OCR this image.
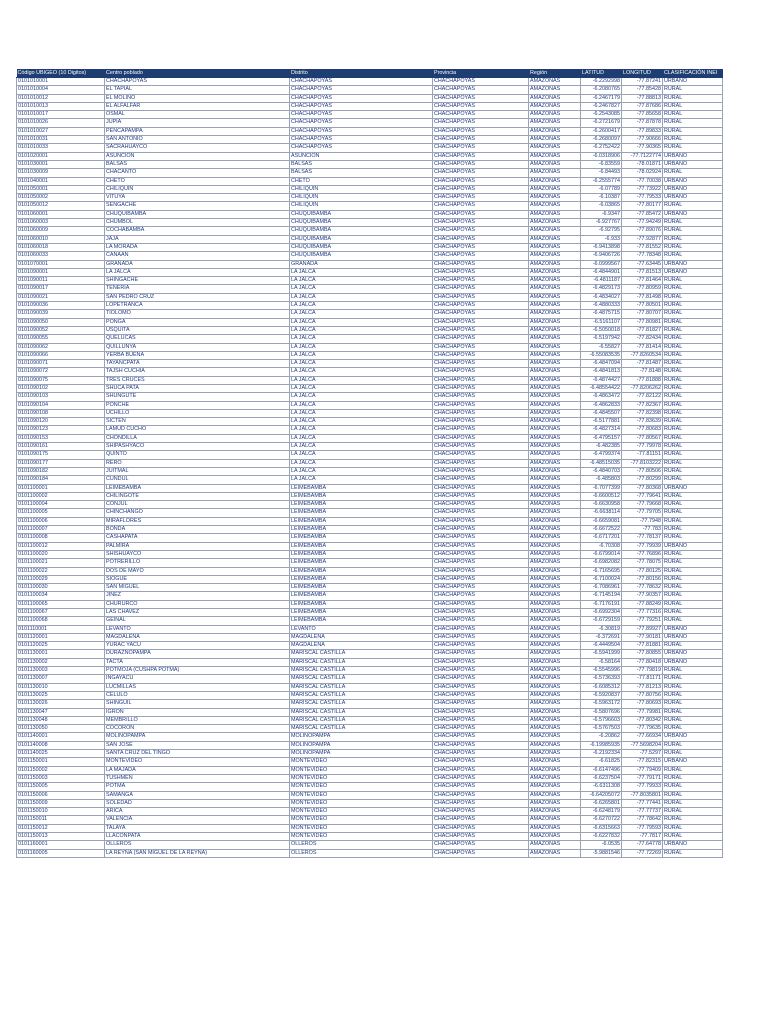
Código UBIGEO (10 Digitos)	Centro poblado	Distrito	Provincia	Región	LATITUD	LONGITUD	CLASIFICACIÓN INEI
0101010001	CHACHAPOYAS	CHACHAPOYAS	CHACHAPOYAS	AMAZONAS	-6.2292998	-77.87241	URBANO
0101010004	EL TAPIAL	CHACHAPOYAS	CHACHAPOYAS	AMAZONAS	-6.2080765	-77.85428	RURAL
0101010012	EL MOLINO	CHACHAPOYAS	CHACHAPOYAS	AMAZONAS	-6.2467179	-77.88813	RURAL
0101010013	EL ALFALFAR	CHACHAPOYAS	CHACHAPOYAS	AMAZONAS	-6.2467827	-77.87686	RURAL
0101010017	OSMAL	CHACHAPOYAS	CHACHAPOYAS	AMAZONAS	-6.2543085	-77.85658	RURAL
0101010026	JUPIA	CHACHAPOYAS	CHACHAPOYAS	AMAZONAS	-6.2721679	-77.87878	RURAL
0101010027	PENCAPAMPA	CHACHAPOYAS	CHACHAPOYAS	AMAZONAS	-6.2600417	-77.89833	RURAL
0101010031	SAN ANTONIO	CHACHAPOYAS	CHACHAPOYAS	AMAZONAS	-6.2680097	-77.90666	RURAL
0101010033	SACRAHUAYCO	CHACHAPOYAS	CHACHAPOYAS	AMAZONAS	-6.2752422	-77.90365	RURAL
0101020001	ASUNCION	ASUNCION	CHACHAPOYAS	AMAZONAS	-6.0318906	-77.7122774	URBANO
0101030001	BALSAS	BALSAS	CHACHAPOYAS	AMAZONAS	-6.83559	-78.01871	URBANO
0101030009	CHACANTO	BALSAS	CHACHAPOYAS	AMAZONAS	-6.84493	-78.02924	RURAL
0101040001	CHETO	CHETO	CHACHAPOYAS	AMAZONAS	-6.2555774	-77.70038	URBANO
0101050001	CHILIQUIN	CHILIQUIN	CHACHAPOYAS	AMAZONAS	-6.07789	-77.73922	URBANO
0101050002	VITUYA	CHILIQUIN	CHACHAPOYAS	AMAZONAS	-6.10387	-77.79533	URBANO
0101050012	SENGACHE	CHILIQUIN	CHACHAPOYAS	AMAZONAS	-6.03865	-77.80177	RURAL
0101060001	CHUQUIBAMBA	CHUQUIBAMBA	CHACHAPOYAS	AMAZONAS	-6.9347	-77.85472	URBANO
0101060003	CHUMBOL	CHUQUIBAMBA	CHACHAPOYAS	AMAZONAS	-6.927767	-77.94249	RURAL
0101060009	COCHABAMBA	CHUQUIBAMBA	CHACHAPOYAS	AMAZONAS	-6.92795	-77.89076	RURAL
0101060010	JAJA	CHUQUIBAMBA	CHACHAPOYAS	AMAZONAS	-6.933	-77.92877	RURAL
0101060018	LA MORADA	CHUQUIBAMBA	CHACHAPOYAS	AMAZONAS	-6.9413898	-77.81552	RURAL
0101060033	CANAAN	CHUQUIBAMBA	CHACHAPOYAS	AMAZONAS	-6.9406726	-77.78348	RURAL
0101070001	GRANADA	GRANADA	CHACHAPOYAS	AMAZONAS	-6.0999567	-77.63445	URBANO
0101090001	LA JALCA	LA JALCA	CHACHAPOYAS	AMAZONAS	-6.4844901	-77.81513	URBANO
0101090011	SHINGACHE	LA JALCA	CHACHAPOYAS	AMAZONAS	-6.4811187	-77.81464	RURAL
0101090017	TENERIA	LA JALCA	CHACHAPOYAS	AMAZONAS	-6.4829173	-77.80959	RURAL
0101090021	SAN PEDRO CRUZ	LA JALCA	CHACHAPOYAS	AMAZONAS	-6.4834027	-77.81498	RURAL
0101090036	LOPETRANCA	LA JALCA	CHACHAPOYAS	AMAZONAS	-6.4880333	-77.80501	RURAL
0101090039	TIOLOMO	LA JALCA	CHACHAPOYAS	AMAZONAS	-6.4875715	-77.80707	RURAL
0101090050	PONGA	LA JALCA	CHACHAPOYAS	AMAZONAS	-6.5161107	-77.80981	RURAL
0101090052	USQUITA	LA JALCA	CHACHAPOYAS	AMAZONAS	-6.5050018	-77.81827	RURAL
0101090055	QUELUCAS	LA JALCA	CHACHAPOYAS	AMAZONAS	-6.5197942	-77.82434	RURAL
0101090062	QUILLUNYA	LA JALCA	CHACHAPOYAS	AMAZONAS	-6.55827	-77.81414	RURAL
0101090066	YERBA BUENA	LA JALCA	CHACHAPOYAS	AMAZONAS	-6.55083535	-77.8260534	RURAL
0101090071	TAYANCPATA	LA JALCA	CHACHAPOYAS	AMAZONAS	-6.4847094	-77.81487	RURAL
0101090072	TAJSH CUCHIA	LA JALCA	CHACHAPOYAS	AMAZONAS	-6.4841813	-77.8148	RURAL
0101090075	TRES CRUCES	LA JALCA	CHACHAPOYAS	AMAZONAS	-6.4874427	-77.81888	RURAL
0101090102	SHUCA PATA	LA JALCA	CHACHAPOYAS	AMAZONAS	-6.48554422	-77.8206262	RURAL
0101090103	SHUNGUTE	LA JALCA	CHACHAPOYAS	AMAZONAS	-6.4863472	-77.82122	RURAL
0101090104	PONCHE	LA JALCA	CHACHAPOYAS	AMAZONAS	-6.4862833	-77.82367	RURAL
0101090108	UCHILLO	LA JALCA	CHACHAPOYAS	AMAZONAS	-6.4845507	-77.82398	RURAL
0101090120	SICTEN	LA JALCA	CHACHAPOYAS	AMAZONAS	-6.5177881	-77.83639	RURAL
0101090123	LAMUD CUCHO	LA JALCA	CHACHAPOYAS	AMAZONAS	-6.4827314	-77.80683	RURAL
0101090153	CHONDILLA	LA JALCA	CHACHAPOYAS	AMAZONAS	-6.4795157	-77.80567	RURAL
0101090161	SHIPASHYACO	LA JALCA	CHACHAPOYAS	AMAZONAS	-6.482385	-77.79978	RURAL
0101090175	QUINTO	LA JALCA	CHACHAPOYAS	AMAZONAS	-6.4799374	-77.81151	RURAL
0101090177	RERO	LA JALCA	CHACHAPOYAS	AMAZONAS	-6.48515035	-77.8103222	RURAL
0101090182	JUITMAL	LA JALCA	CHACHAPOYAS	AMAZONAS	-6.4840703	-77.80506	RURAL
0101090184	CUNDUL	LA JALCA	CHACHAPOYAS	AMAZONAS	-6.485803	-77.80299	RURAL
0101100001	LEIMEBAMBA	LEIMEBAMBA	CHACHAPOYAS	AMAZONAS	-6.7077399	-77.80368	URBANO
0101100002	CHILINGOTE	LEIMEBAMBA	CHACHAPOYAS	AMAZONAS	-6.6600512	-77.79641	RURAL
0101100004	CONJUL	LEIMEBAMBA	CHACHAPOYAS	AMAZONAS	-6.6630958	-77.79668	RURAL
0101100005	CHINCHANGO	LEIMEBAMBA	CHACHAPOYAS	AMAZONAS	-6.6638114	-77.79705	RURAL
0101100006	MIRAFLORES	LEIMEBAMBA	CHACHAPOYAS	AMAZONAS	-6.6659081	-77.7948	RURAL
0101100007	BONDA	LEIMEBAMBA	CHACHAPOYAS	AMAZONAS	-6.6672522	-77.783	RURAL
0101100008	CASHAPATA	LEIMEBAMBA	CHACHAPOYAS	AMAZONAS	-6.6717201	-77.78137	RURAL
0101100012	PALMIRA	LEIMEBAMBA	CHACHAPOYAS	AMAZONAS	-6.70308	-77.79939	URBANO
0101100020	SHISHUAYCO	LEIMEBAMBA	CHACHAPOYAS	AMAZONAS	-6.6799014	-77.76896	RURAL
0101100021	POTRERILLO	LEIMEBAMBA	CHACHAPOYAS	AMAZONAS	-6.6982082	-77.78075	RURAL
0101100022	DOS DE MAYO	LEIMEBAMBA	CHACHAPOYAS	AMAZONAS	-6.7165695	-77.80125	RURAL
0101100029	SIOGUE	LEIMEBAMBA	CHACHAPOYAS	AMAZONAS	-6.7100024	-77.80156	RURAL
0101100030	SAN MIGUEL	LEIMEBAMBA	CHACHAPOYAS	AMAZONAS	-6.7086961	-77.78632	RURAL
0101100034	JINEZ	LEIMEBAMBA	CHACHAPOYAS	AMAZONAS	-6.7145194	-77.90357	RURAL
0101100065	CHURURCO	LEIMEBAMBA	CHACHAPOYAS	AMAZONAS	-6.7176191	-77.88249	RURAL
0101100067	LAS CHAVEZ	LEIMEBAMBA	CHACHAPOYAS	AMAZONAS	-6.6992304	-77.77316	RURAL
0101100068	GEIÑAL	LEIMEBAMBA	CHACHAPOYAS	AMAZONAS	-6.6729159	-77.79251	RURAL
0101110001	LEVANTO	LEVANTO	CHACHAPOYAS	AMAZONAS	-6.30819	-77.89927	URBANO
0101120001	MAGDALENA	MAGDALENA	CHACHAPOYAS	AMAZONAS	-6.372691	-77.90181	URBANO
0101120025	YURAC YACU	MAGDALENA	CHACHAPOYAS	AMAZONAS	-6.4449504	-77.81881	RURAL
0101130001	DURAZNOPAMPA	MARISCAL CASTILLA	CHACHAPOYAS	AMAZONAS	-6.5941999	-77.80855	URBANO
0101130002	TACTA	MARISCAL CASTILLA	CHACHAPOYAS	AMAZONAS	-6.58164	-77.80418	URBANO
0101130003	POTMOJA (CUSHPA POTMA)	MARISCAL CASTILLA	CHACHAPOYAS	AMAZONAS	-6.5545996	-77.79819	RURAL
0101130007	INGAYACU	MARISCAL CASTILLA	CHACHAPOYAS	AMAZONAS	-6.5736393	-77.81171	RURAL
0101130010	LUCMILLAS	MARISCAL CASTILLA	CHACHAPOYAS	AMAZONAS	-6.6085312	-77.81213	RURAL
0101130025	CELULO	MARISCAL CASTILLA	CHACHAPOYAS	AMAZONAS	-6.5920837	-77.80756	RURAL
0101130026	SHINGUIL	MARISCAL CASTILLA	CHACHAPOYAS	AMAZONAS	-6.5963172	-77.80693	RURAL
0101130047	IGRON	MARISCAL CASTILLA	CHACHAPOYAS	AMAZONAS	-6.5807696	-77.79981	RURAL
0101130048	MEMBRILLO	MARISCAL CASTILLA	CHACHAPOYAS	AMAZONAS	-6.5796603	-77.80342	RURAL
0101130050	COCORON	MARISCAL CASTILLA	CHACHAPOYAS	AMAZONAS	-6.5767503	-77.79635	RURAL
0101140001	MOLINOPAMPA	MOLINOPAMPA	CHACHAPOYAS	AMAZONAS	-6.20862	-77.66934	URBANO
0101140008	SAN JOSE	MOLINOPAMPA	CHACHAPOYAS	AMAZONAS	-6.19985935	-77.5698204	RURAL
0101140025	SANTA CRUZ DEL TINGO	MOLINOPAMPA	CHACHAPOYAS	AMAZONAS	-6.2192334	-77.5297	RURAL
0101150001	MONTEVIDEO	MONTEVIDEO	CHACHAPOYAS	AMAZONAS	-6.61825	-77.82315	URBANO
0101150002	LA MAJADA	MONTEVIDEO	CHACHAPOYAS	AMAZONAS	-6.6147496	-77.79409	RURAL
0101150003	TUSHMEN	MONTEVIDEO	CHACHAPOYAS	AMAZONAS	-6.6237504	-77.79171	RURAL
0101150005	POTMA	MONTEVIDEO	CHACHAPOYAS	AMAZONAS	-6.6311308	-77.79933	RURAL
0101150006	SAMANGA	MONTEVIDEO	CHACHAPOYAS	AMAZONAS	-6.64205072	-77.8035801	RURAL
0101150009	SOLEDAD	MONTEVIDEO	CHACHAPOYAS	AMAZONAS	-6.6265801	-77.77441	RURAL
0101150010	ARICA	MONTEVIDEO	CHACHAPOYAS	AMAZONAS	-6.6248179	-77.77737	RURAL
0101150011	VALENCIA	MONTEVIDEO	CHACHAPOYAS	AMAZONAS	-6.6270722	-77.78642	RURAL
0101150012	TALAYA	MONTEVIDEO	CHACHAPOYAS	AMAZONAS	-6.6315663	-77.79593	RURAL
0101150013	LLACONPATA	MONTEVIDEO	CHACHAPOYAS	AMAZONAS	-6.6227832	-77.7817	RURAL
0101160001	OLLEROS	OLLEROS	CHACHAPOYAS	AMAZONAS	-6.0535	-77.64778	URBANO
0101160005	LA REYNA (SAN MIGUEL DE LA REYNA)	OLLEROS	CHACHAPOYAS	AMAZONAS	-5.9881546	-77.72269	RURAL
